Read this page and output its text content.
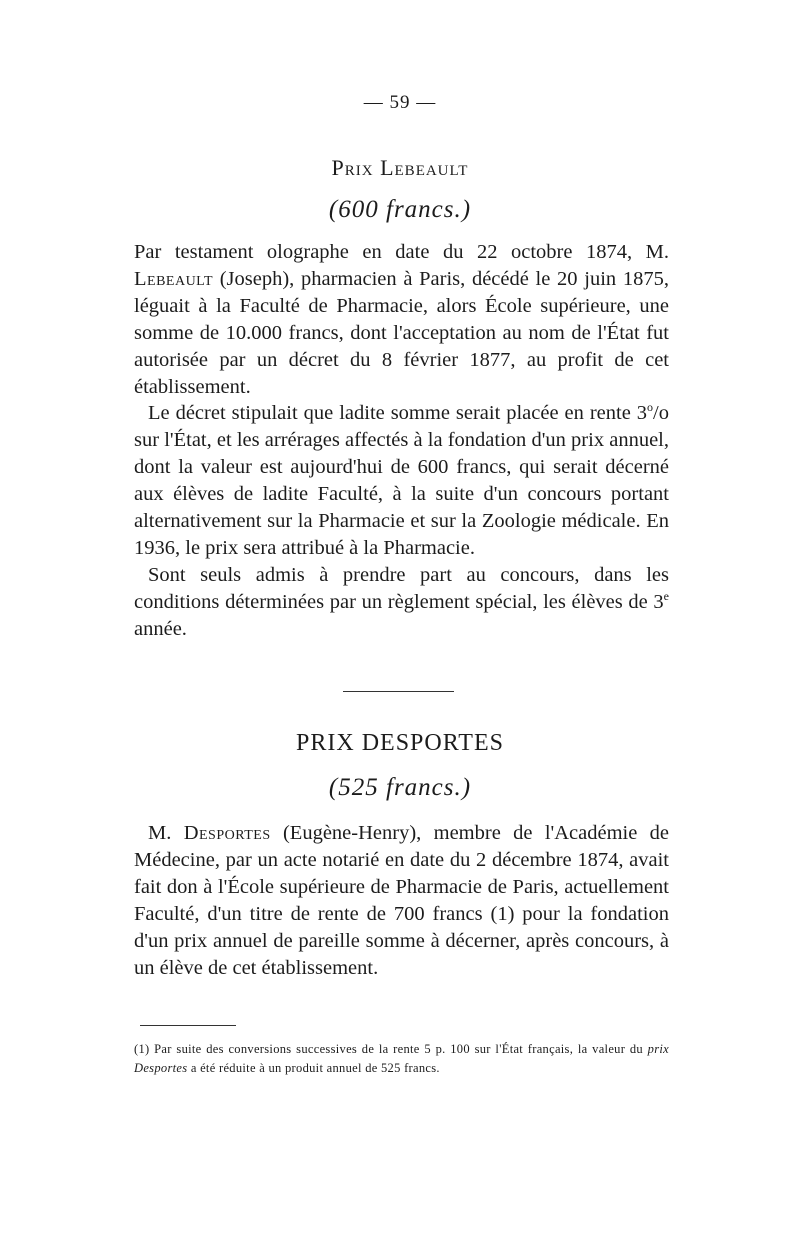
— 59 —
Prix Lebeault
(600 francs.)

Par testament olographe en date du 22 octobre 1874, M. Lebeault (Joseph), pharmacien à Paris, décédé le 20 juin 1875, léguait à la Faculté de Pharmacie, alors École supérieure, une somme de 10.000 francs, dont l'acceptation au nom de l'État fut autorisée par un décret du 8 février 1877, au profit de cet établissement.

Le décret stipulait que ladite somme serait placée en rente 3$^o$/o sur l'État, et les arrérages affectés à la fondation d'un prix annuel, dont la valeur est aujourd'hui de 600 francs, qui serait décerné aux élèves de ladite Faculté, à la suite d'un concours portant alternativement sur la Pharmacie et sur la Zoologie médicale. En 1936, le prix sera attribué à la Pharmacie.

Sont seuls admis à prendre part au concours, dans les conditions déterminées par un règlement spécial, les élèves de 3e année.

PRIX DESPORTES
(525 francs.)

M. Desportes (Eugène-Henry), membre de l'Académie de Médecine, par un acte notarié en date du 2 décembre 1874, avait fait don à l'École supérieure de Pharmacie de Paris, actuellement Faculté, d'un titre de rente de 700 francs (1) pour la fondation d'un prix annuel de pareille somme à décerner, après concours, à un élève de cet établissement.

(1) Par suite des conversions successives de la rente 5 p. 100 sur l'État français, la valeur du prix Desportes a été réduite à un produit annuel de 525 francs.
